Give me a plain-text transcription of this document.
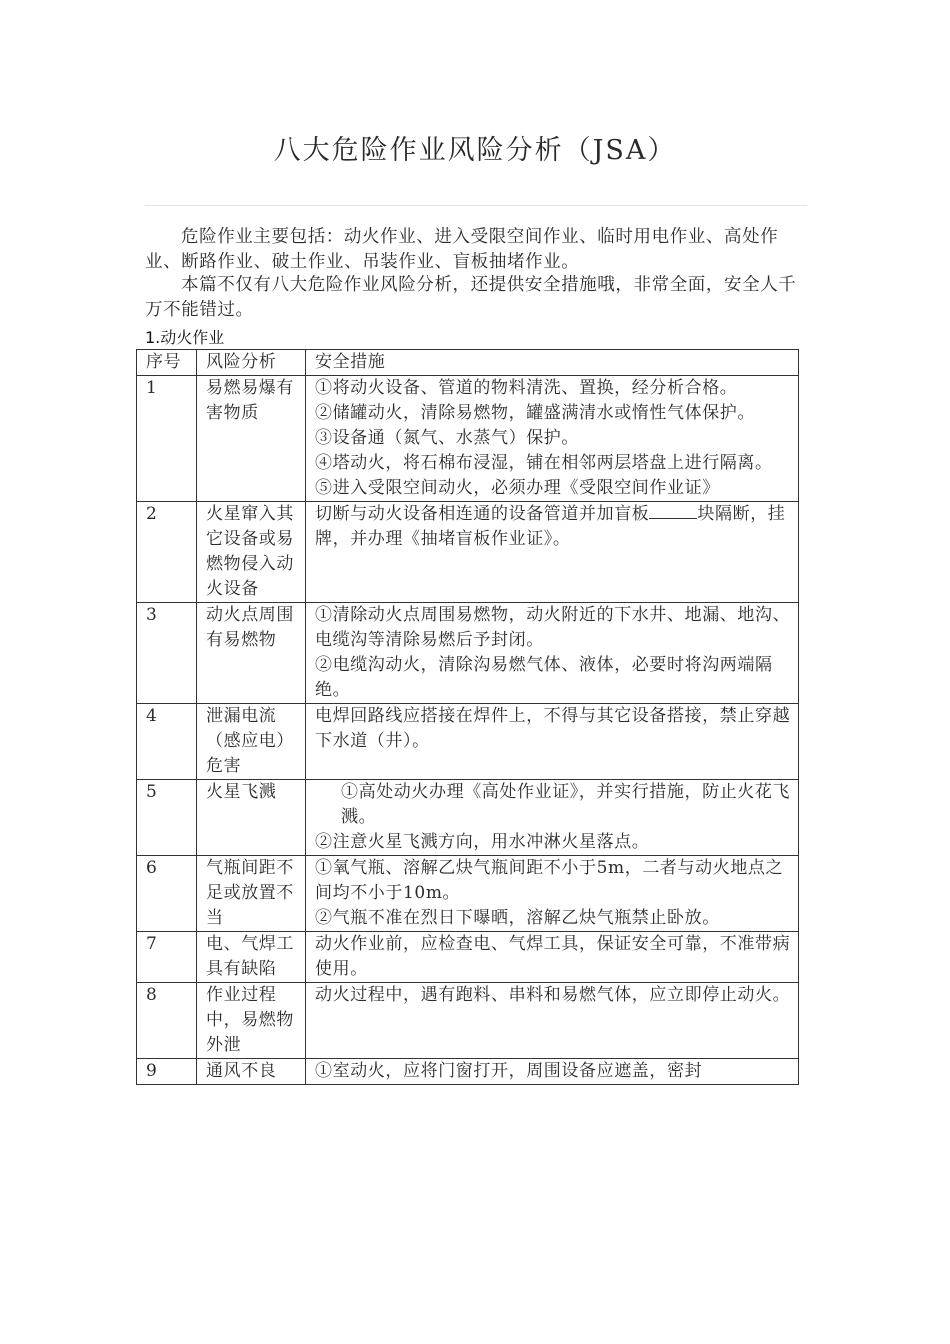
八大危险作业风险分析（JSA）

危险作业主要包括：动火作业、进入受限空间作业、临时用电作业、高处作业、断路作业、破土作业、吊装作业、盲板抽堵作业。

本篇不仅有八大危险作业风险分析，还提供安全措施哦，非常全面，安全人千万不能错过。

1.动火作业

序号	风险分析	安全措施
1	易燃易爆有害物质	①将动火设备、管道的物料清洗、置换，经分析合格。
②储罐动火，清除易燃物，罐盛满清水或惰性气体保护。
③设备通（氮气、水蒸气）保护。
④塔动火，将石棉布浸湿，铺在相邻两层塔盘上进行隔离。
⑤进入受限空间动火，必须办理《受限空间作业证》

2	火星窜入其它设备或易燃物侵入动火设备	切断与动火设备相连通的设备管道并加盲板 块隔断，挂牌，并办理《抽堵盲板作业证》。
3	动火点周围有易燃物	①清除动火点周围易燃物，动火附近的下水井、地漏、地沟、电缆沟等清除易燃后予封闭。
②电缆沟动火，清除沟易燃气体、液体，必要时将沟两端隔绝。

4	泄漏电流（感应电）危害	电焊回路线应搭接在焊件上，不得与其它设备搭接，禁止穿越下水道（井）。

5	火星飞溅	①高处动火办理《高处作业证》，并实行措施，防止火花飞溅。
②注意火星飞溅方向，用水冲淋火星落点。

6	气瓶间距不足或放置不当	①氧气瓶、溶解乙炔气瓶间距不小于5m，二者与动火地点之间均不小于10m。
②气瓶不准在烈日下曝晒，溶解乙炔气瓶禁止卧放。

7	电、气焊工具有缺陷	动火作业前，应检查电、气焊工具，保证安全可靠，不准带病使用。

8	作业过程中，易燃物外泄	动火过程中，遇有跑料、串料和易燃气体，应立即停止动火。

9	通风不良	①室动火，应将门窗打开，周围设备应遮盖，密封
